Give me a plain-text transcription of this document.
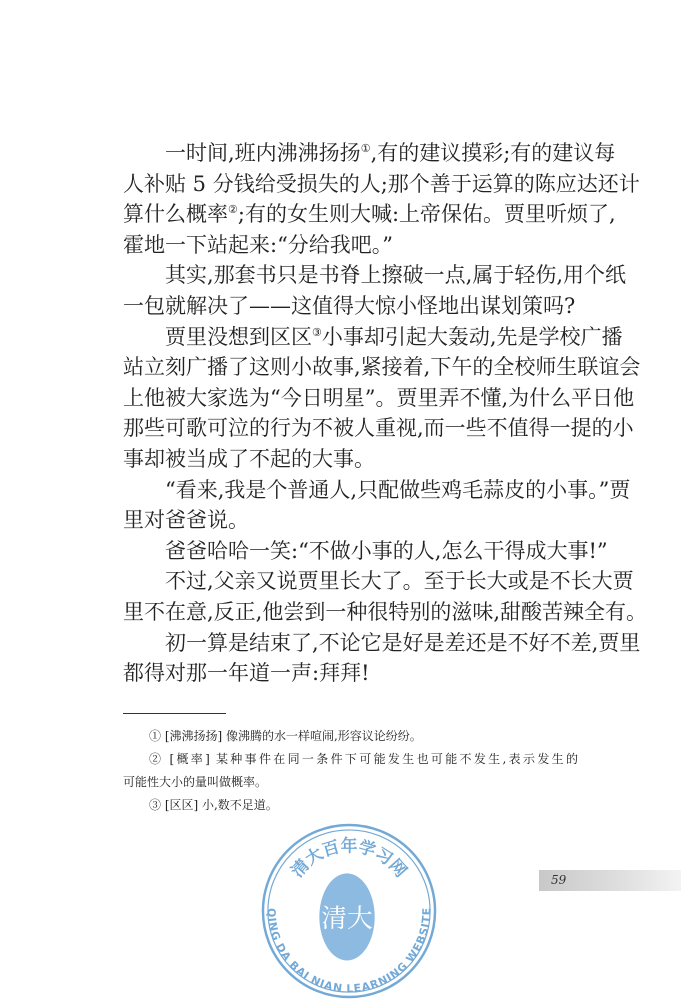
一时间,班内沸沸扬扬①,有的建议摸彩;有的建议每
人补贴 5 分钱给受损失的人;那个善于运算的陈应达还计
算什么概率②;有的女生则大喊:上帝保佑。贾里听烦了,
霍地一下站起来:“分给我吧。”
其实,那套书只是书脊上擦破一点,属于轻伤,用个纸
一包就解决了——这值得大惊小怪地出谋划策吗?
贾里没想到区区③小事却引起大轰动,先是学校广播
站立刻广播了这则小故事,紧接着,下午的全校师生联谊会
上他被大家选为“今日明星”。贾里弄不懂,为什么平日他
那些可歌可泣的行为不被人重视,而一些不值得一提的小
事却被当成了不起的大事。
“看来,我是个普通人,只配做些鸡毛蒜皮的小事。”贾
里对爸爸说。
爸爸哈哈一笑:“不做小事的人,怎么干得成大事!”
不过,父亲又说贾里长大了。至于长大或是不长大贾
里不在意,反正,他尝到一种很特别的滋味,甜酸苦辣全有。
初一算是结束了,不论它是好是差还是不好不差,贾里
都得对那一年道一声:拜拜!
① [沸沸扬扬] 像沸腾的水一样喧闹,形容议论纷纷。
② [概率] 某种事件在同一条件下可能发生也可能不发生,表示发生的
可能性大小的量叫做概率。
③ [区区] 小,数不足道。
59
清大百年学习网
QING DA BAI NIAN LEARNING WEBSITE
清大
